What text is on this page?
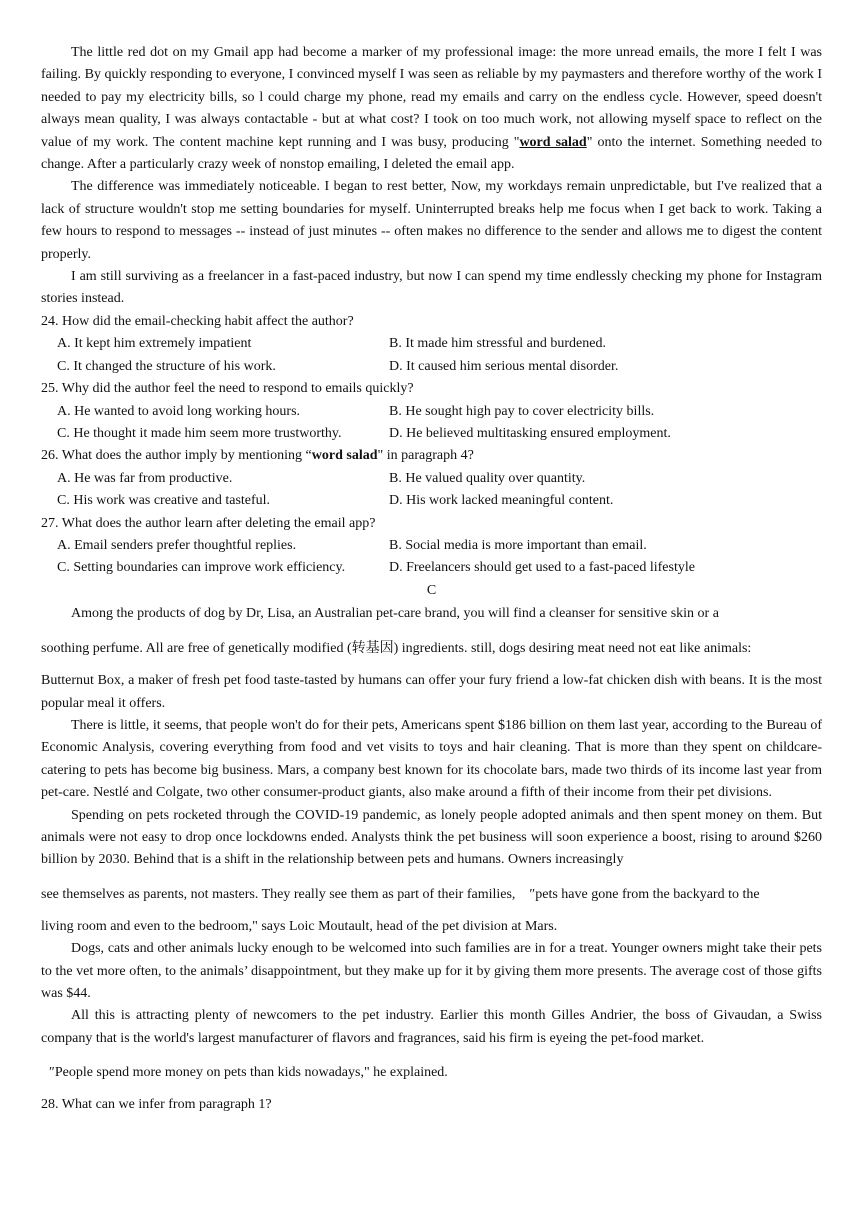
The little red dot on my Gmail app had become a marker of my professional image: the more unread emails, the more I felt I was failing. By quickly responding to everyone, I convinced myself I was seen as reliable by my paymasters and therefore worthy of the work I needed to pay my electricity bills, so l could charge my phone, read my emails and carry on the endless cycle. However, speed doesn't always mean quality, I was always contactable - but at what cost? I took on too much work, not allowing myself space to reflect on the value of my work. The content machine kept running and I was busy, producing "word salad" onto the internet. Something needed to change. After a particularly crazy week of nonstop emailing, I deleted the email app.

The difference was immediately noticeable. I began to rest better, Now, my workdays remain unpredictable, but I've realized that a lack of structure wouldn't stop me setting boundaries for myself. Uninterrupted breaks help me focus when I get back to work. Taking a few hours to respond to messages -- instead of just minutes -- often makes no difference to the sender and allows me to digest the content properly.

I am still surviving as a freelancer in a fast-paced industry, but now I can spend my time endlessly checking my phone for Instagram stories instead.

24. How did the email-checking habit affect the author?
A. It kept him extremely impatient	B. It made him stressful and burdened.
C. It changed the structure of his work.	D. It caused him serious mental disorder.
25. Why did the author feel the need to respond to emails quickly?
A. He wanted to avoid long working hours.	B. He sought high pay to cover electricity bills.
C. He thought it made him seem more trustworthy.	D. He believed multitasking ensured employment.
26. What does the author imply by mentioning “word salad" in paragraph 4?
A. He was far from productive.	B. He valued quality over quantity.
C. His work was creative and tasteful.	D. His work lacked meaningful content.
27. What does the author learn after deleting the email app?
A. Email senders prefer thoughtful replies.	B. Social media is more important than email.
C. Setting boundaries can improve work efficiency.	D. Freelancers should get used to a fast-paced lifestyle
C

Among the products of dog by Dr, Lisa, an Australian pet-care brand, you will find a cleanser for sensitive skin or a

soothing perfume. All are free of genetically modified (转基因) ingredients. still, dogs desiring meat need not eat like animals:

Butternut Box, a maker of fresh pet food taste-tasted by humans can offer your fury friend a low-fat chicken dish with beans. It is the most popular meal it offers.

There is little, it seems, that people won't do for their pets, Americans spent $186 billion on them last year, according to the Bureau of Economic Analysis, covering everything from food and vet visits to toys and hair cleaning. That is more than they spent on childcare-catering to pets has become big business. Mars, a company best known for its chocolate bars, made two thirds of its income last year from pet-care. Nestlé and Colgate, two other consumer-product giants, also make around a fifth of their income from their pet divisions.

Spending on pets rocketed through the COVID-19 pandemic, as lonely people adopted animals and then spent money on them. But animals were not easy to drop once lockdowns ended. Analysts think the pet business will soon experience a boost, rising to around $260 billion by 2030. Behind that is a shift in the relationship between pets and humans. Owners increasingly

see themselves as parents, not masters. They really see them as part of their families,　″pets have gone from the backyard to the

living room and even to the bedroom," says Loic Moutault, head of the pet division at Mars.

Dogs, cats and other animals lucky enough to be welcomed into such families are in for a treat. Younger owners might take their pets to the vet more often, to the animals’ disappointment, but they make up for it by giving them more presents. The average cost of those gifts was $44.

All this is attracting plenty of newcomers to the pet industry. Earlier this month Gilles Andrier, the boss of Givaudan, a Swiss company that is the world's largest manufacturer of flavors and fragrances, said his firm is eyeing the pet-food market.

″People spend more money on pets than kids nowadays," he explained.

28. What can we infer from paragraph 1?
